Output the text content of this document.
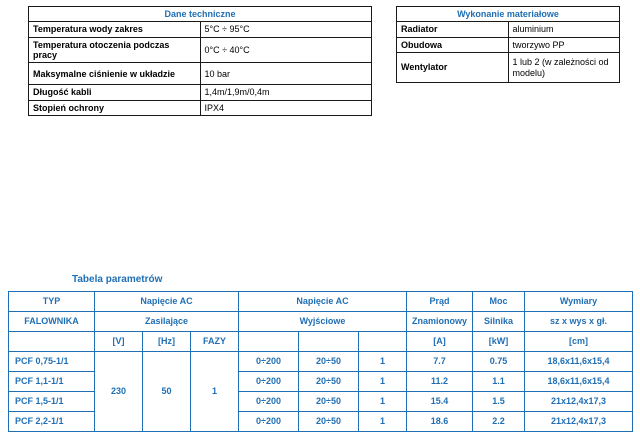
Dane techniczne	
Temperatura wody zakres	5°C ÷ 95°C
Temperatura otoczenia podczas pracy	0°C ÷ 40°C
Maksymalne ciśnienie w układzie	10 bar
Długość kabli	1,4m/1,9m/0,4m
Stopień ochrony	IPX4
Wykonanie materiałowe	
Radiator	aluminium
Obudowa	tworzywo PP
Wentylator	1 lub 2 (w zależności od modelu)
Tabela parametrów
TYP	Napięcie AC			Napięcie AC			Prąd	Moc	Wymiary
FALOWNIKA	Zasilające			Wyjściowe			Znamionowy	Silnika	sz x wys x gł.
	[V]	[Hz]	FAZY				[A]	[kW]	[cm]
PCF 0,75-1/1	230	50	1	0÷200	20÷50	1	7.7	0.75	18,6x11,6x15,4
PCF 1,1-1/1				0÷200	20÷50	1	11.2	1.1	18,6x11,6x15,4
PCF 1,5-1/1				0÷200	20÷50	1	15.4	1.5	21x12,4x17,3
PCF 2,2-1/1				0÷200	20÷50	1	18.6	2.2	21x12,4x17,3
